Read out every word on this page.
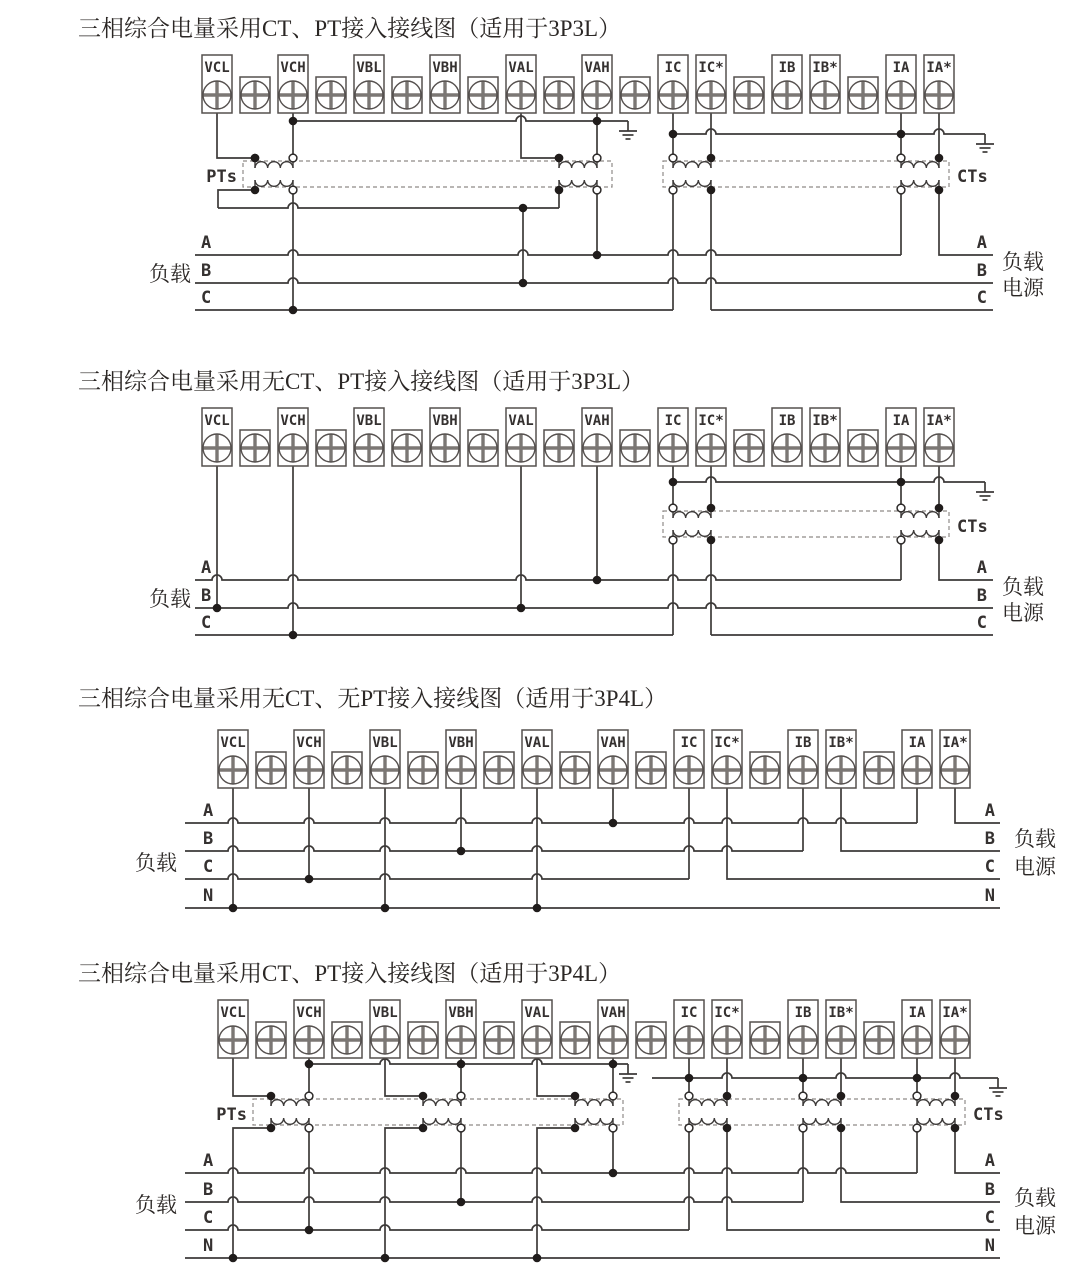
三相综合电量采用CT、PT接入接线图（适用于3P3L）
三相综合电量采用无CT、PT接入接线图（适用于3P3L）
三相综合电量采用无CT、无PT接入接线图（适用于3P4L）
三相综合电量采用CT、PT接入接线图（适用于3P4L）
VCL	VCH	VBL	VBH	VAL	VAH	IC IC*	IB IB*	IA IA*
PTs	CTs
A	A
B	B
C	C
负载	负载
电源
VCL	VCH	VBL	VBH	VAL	VAH	IC IC*	IB IB*	IA IA*
CTs
A	A
B	B
C	C
负载	负载
电源
VCL	VCH	VBL	VBH	VAL	VAH	IC IC*	IB IB*	IA IA*
A	A
B	B
C	C
N	N
负载
负载
电源
VCL	VCH	VBL	VBH	VAL	VAH	IC IC*	IB IB*	IA IA*
PTs	CTs
A	A
B	B
C	C
N	N
负载	负载
电源
